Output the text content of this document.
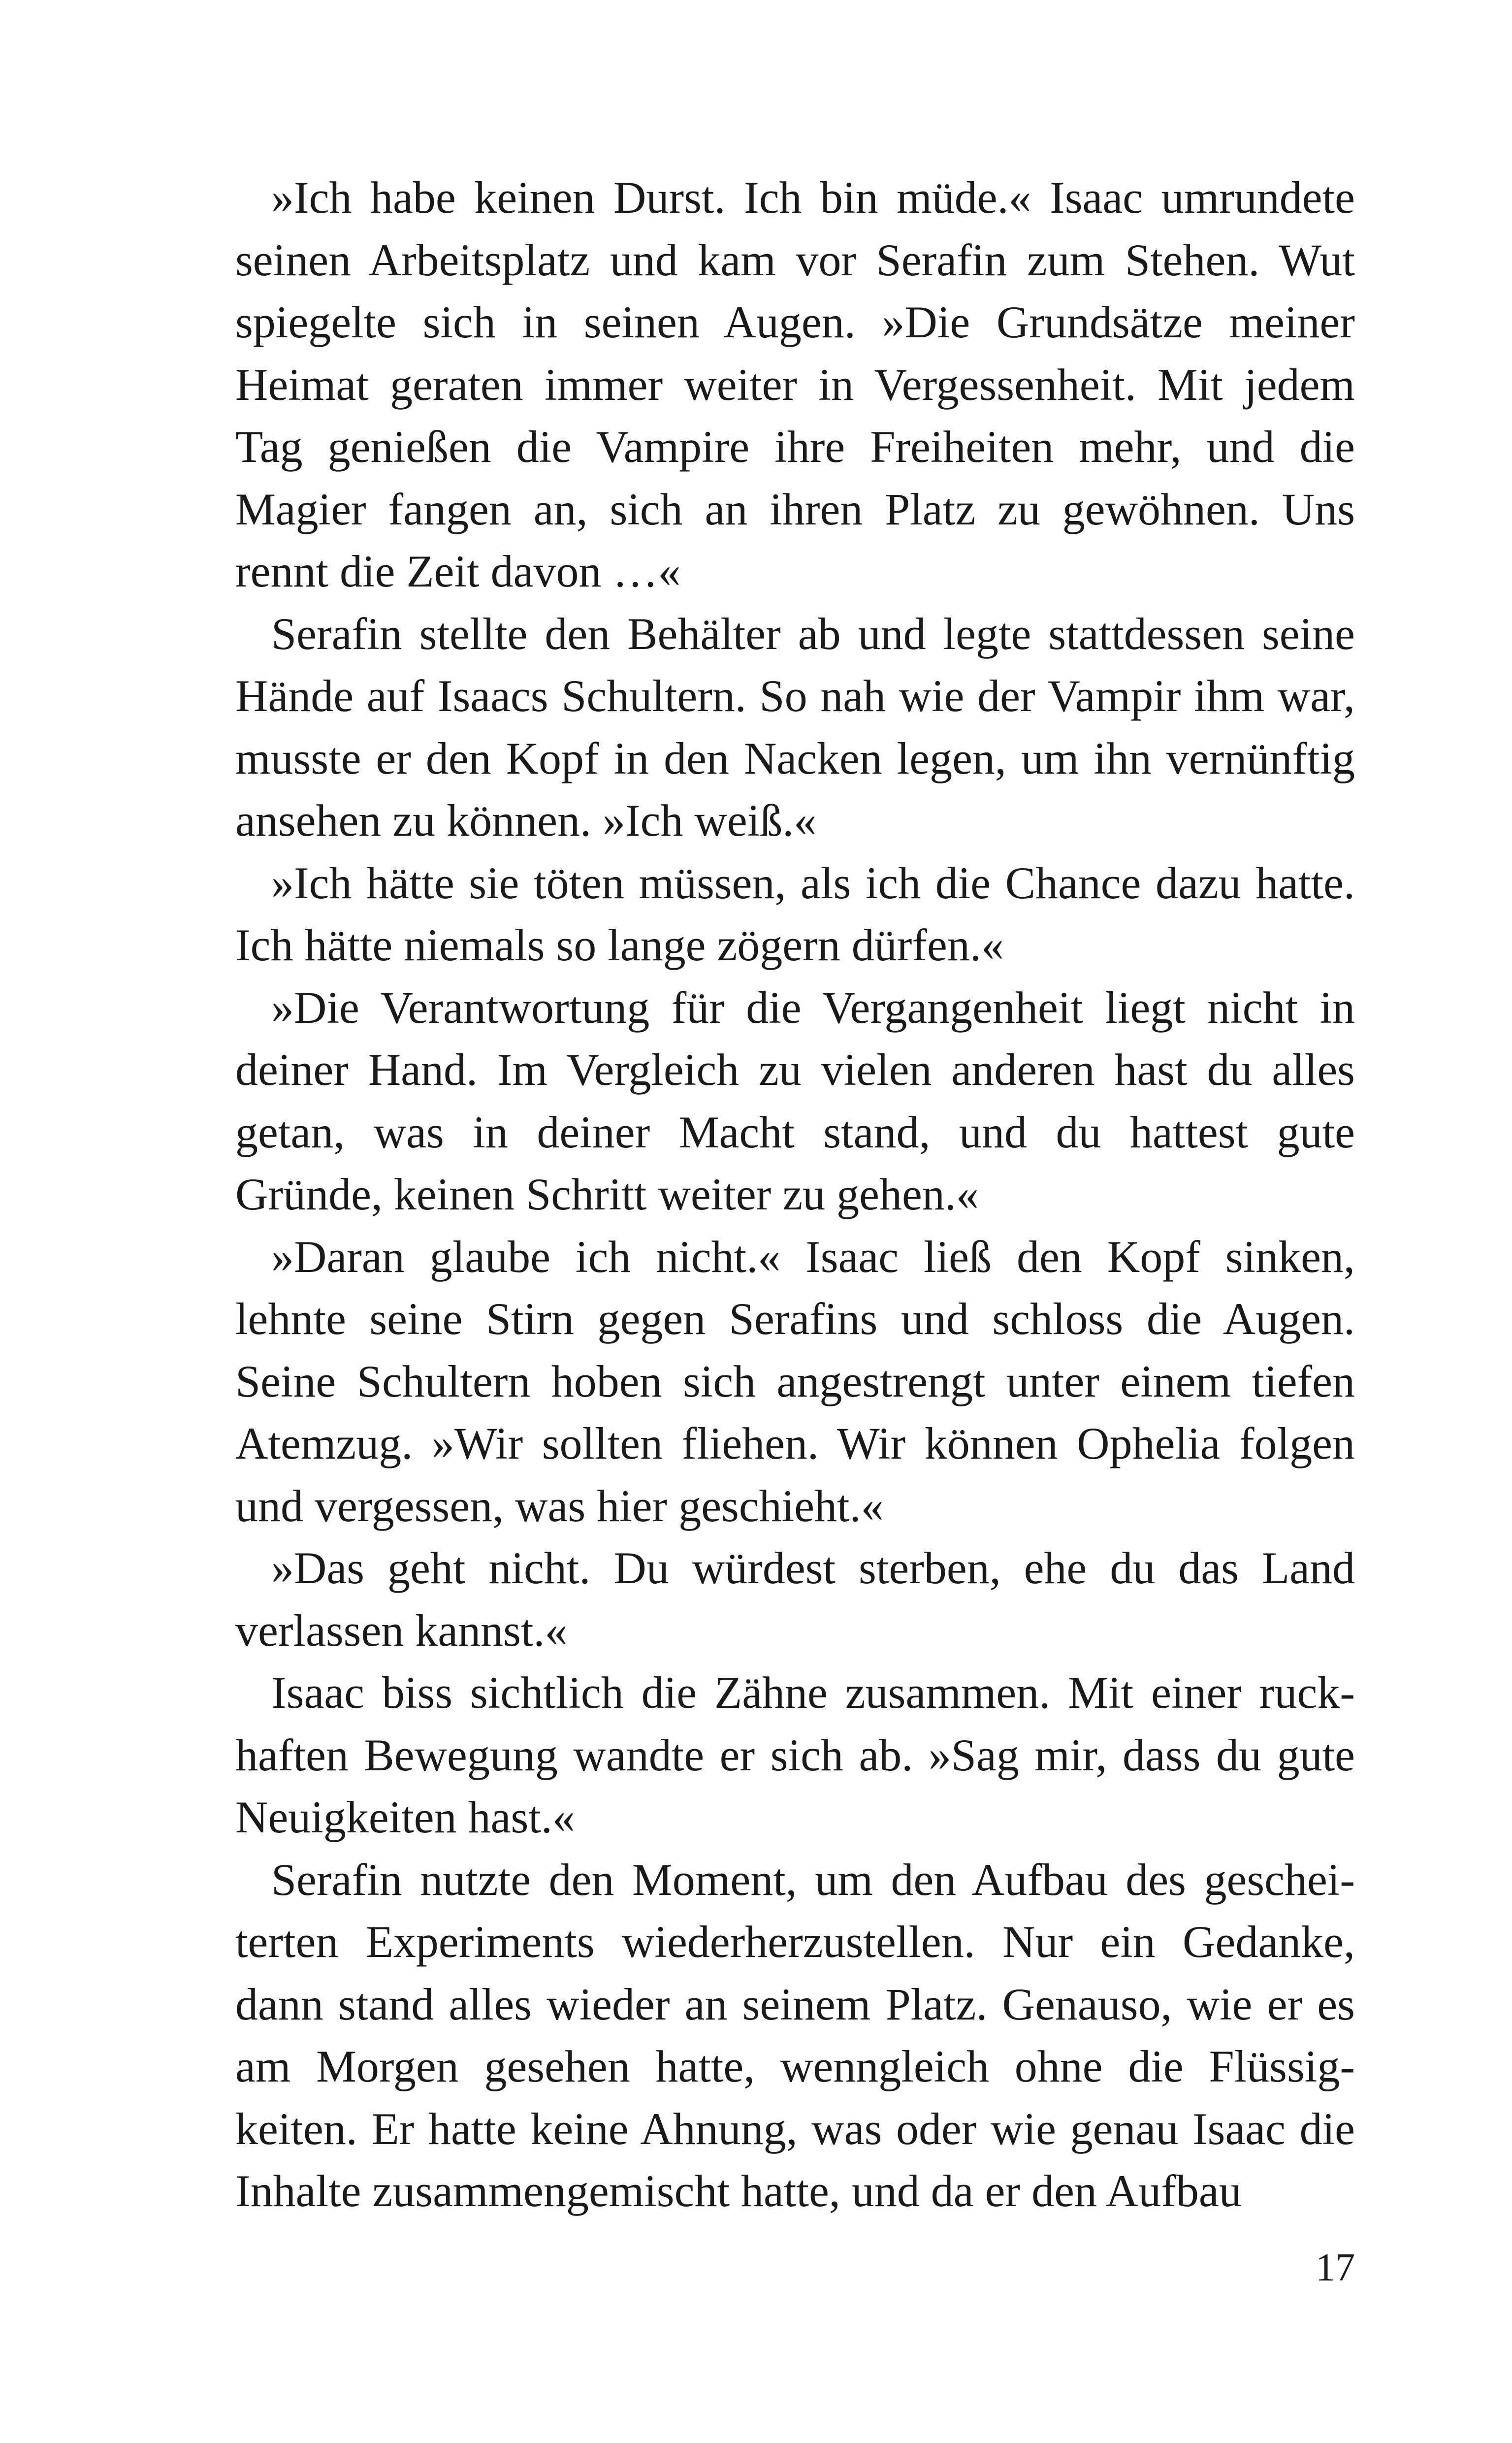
»Ich habe keinen Durst. Ich bin müde.« Isaac umrundete seinen Arbeitsplatz und kam vor Serafin zum Stehen. Wut spiegelte sich in seinen Augen. »Die Grundsätze meiner Heimat geraten immer weiter in Vergessenheit. Mit jedem Tag genießen die Vampire ihre Freiheiten mehr, und die Magier fangen an, sich an ihren Platz zu gewöhnen. Uns rennt die Zeit davon …«

Serafin stellte den Behälter ab und legte stattdessen seine Hände auf Isaacs Schultern. So nah wie der Vampir ihm war, musste er den Kopf in den Nacken legen, um ihn vernünftig ansehen zu können. »Ich weiß.«

»Ich hätte sie töten müssen, als ich die Chance dazu hatte. Ich hätte niemals so lange zögern dürfen.«

»Die Verantwortung für die Vergangenheit liegt nicht in deiner Hand. Im Vergleich zu vielen anderen hast du alles getan, was in deiner Macht stand, und du hattest gute Gründe, keinen Schritt weiter zu gehen.«

»Daran glaube ich nicht.« Isaac ließ den Kopf sinken, lehnte seine Stirn gegen Serafins und schloss die Augen. Seine Schultern hoben sich angestrengt unter einem tiefen Atemzug. »Wir sollten fliehen. Wir können Ophelia folgen und vergessen, was hier geschieht.«

»Das geht nicht. Du würdest sterben, ehe du das Land verlassen kannst.«

Isaac biss sichtlich die Zähne zusammen. Mit einer ruckhaften Bewegung wandte er sich ab. »Sag mir, dass du gute Neuigkeiten hast.«

Serafin nutzte den Moment, um den Aufbau des gescheiterten Experiments wiederherzustellen. Nur ein Gedanke, dann stand alles wieder an seinem Platz. Genauso, wie er es am Morgen gesehen hatte, wenngleich ohne die Flüssigkeiten. Er hatte keine Ahnung, was oder wie genau Isaac die Inhalte zusammengemischt hatte, und da er den Aufbau

17
